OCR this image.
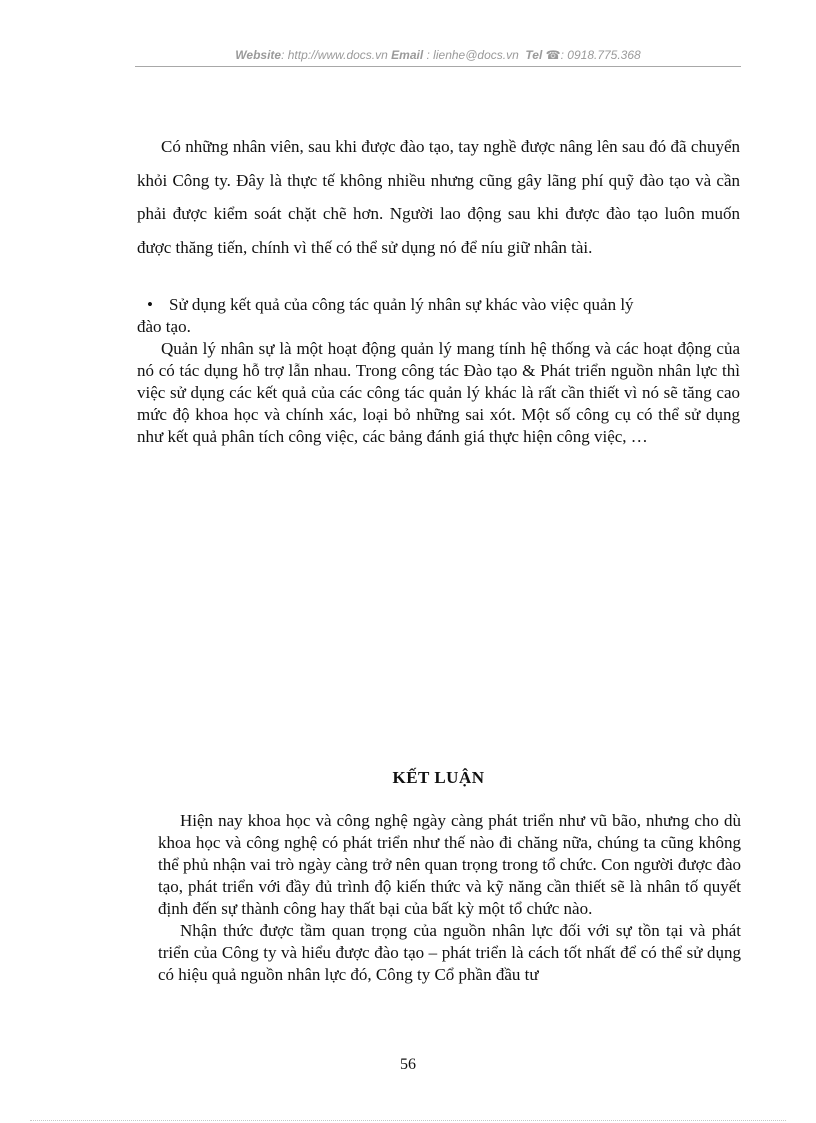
Website: http://www.docs.vn Email : lienhe@docs.vn Tel ☎: 0918.775.368

Có những nhân viên, sau khi được đào tạo, tay nghề được nâng lên sau đó đã chuyển khỏi Công ty. Đây là thực tế không nhiều nhưng cũng gây lãng phí quỹ đào tạo và cần phải được kiểm soát chặt chẽ hơn. Người lao động sau khi được đào tạo luôn muốn được thăng tiến, chính vì thế có thể sử dụng nó để níu giữ nhân tài.

• Sử dụng kết quả của công tác quản lý nhân sự khác vào việc quản lý

đào tạo.

Quản lý nhân sự là một hoạt động quản lý mang tính hệ thống và các hoạt động của nó có tác dụng hỗ trợ lẫn nhau. Trong công tác Đào tạo & Phát triển nguồn nhân lực thì việc sử dụng các kết quả của các công tác quản lý khác là rất cần thiết vì nó sẽ tăng cao mức độ khoa học và chính xác, loại bỏ những sai xót. Một số công cụ có thể sử dụng như kết quả phân tích công việc, các bảng đánh giá thực hiện công việc, …

KẾT LUẬN

Hiện nay khoa học và công nghệ ngày càng phát triển như vũ bão, nhưng cho dù khoa học và công nghệ có phát triển như thế nào đi chăng nữa, chúng ta cũng không thể phủ nhận vai trò ngày càng trở nên quan trọng trong tổ chức. Con người được đào tạo, phát triển với đầy đủ trình độ kiến thức và kỹ năng cần thiết sẽ là nhân tố quyết định đến sự thành công hay thất bại của bất kỳ một tổ chức nào.

Nhận thức được tầm quan trọng của nguồn nhân lực đối với sự tồn tại và phát triển của Công ty và hiểu được đào tạo – phát triển là cách tốt nhất để có thể sử dụng có hiệu quả nguồn nhân lực đó, Công ty Cổ phần đầu tư

56
